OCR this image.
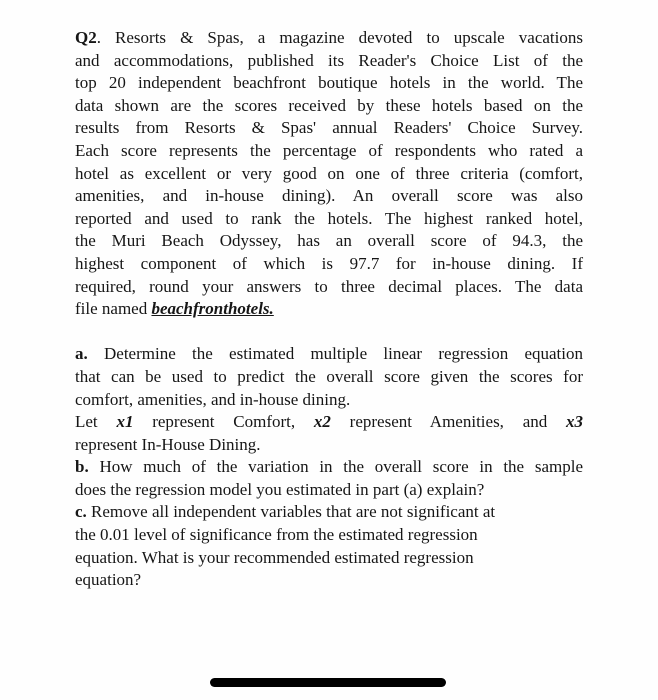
Q2. Resorts & Spas, a magazine devoted to upscale vacations
and accommodations, published its Reader's Choice List of the
top 20 independent beachfront boutique hotels in the world. The
data shown are the scores received by these hotels based on the
results from Resorts & Spas' annual Readers' Choice Survey.
Each score represents the percentage of respondents who rated a
hotel as excellent or very good on one of three criteria (comfort,
amenities, and in-house dining). An overall score was also
reported and used to rank the hotels. The highest ranked hotel,
the Muri Beach Odyssey, has an overall score of 94.3, the
highest component of which is 97.7 for in-house dining. If
required, round your answers to three decimal places. The data
file named beachfronthotels.
a. Determine the estimated multiple linear regression equation
that can be used to predict the overall score given the scores for
comfort, amenities, and in-house dining.
Let x1 represent Comfort, x2 represent Amenities, and x3
represent In-House Dining.
b. How much of the variation in the overall score in the sample
does the regression model you estimated in part (a) explain?
c. Remove all independent variables that are not significant at
the 0.01 level of significance from the estimated regression
equation. What is your recommended estimated regression
equation?
